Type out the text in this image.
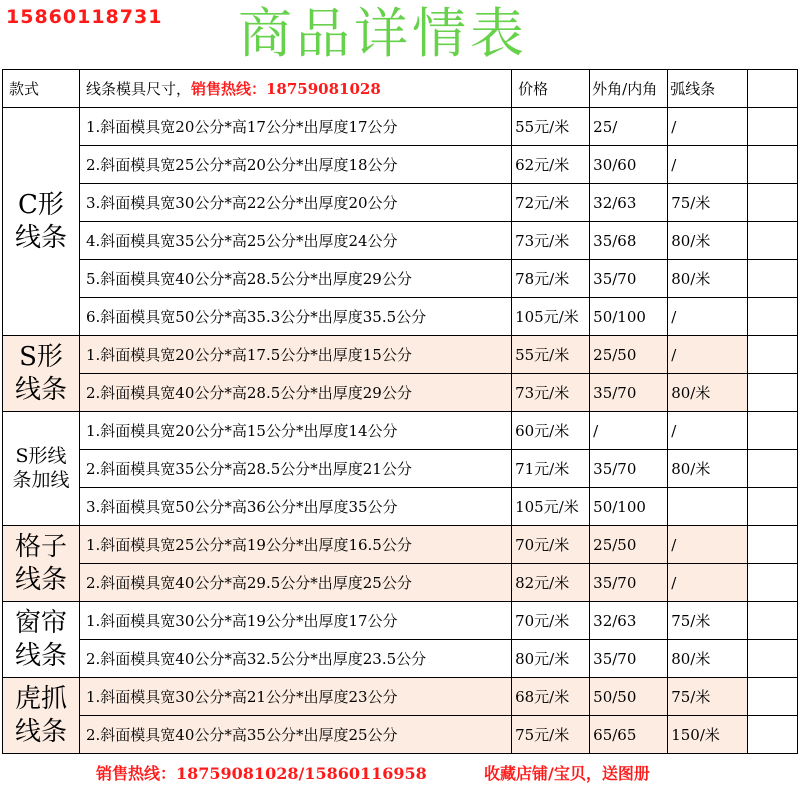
15860118731 商品详情表
款式	线条模具尺寸，销售热线：18759081028	价格	外角/内角	弧线条	
C形 线条	1.斜面模具宽20公分*高17公分*出厚度17公分	55元/米	25/	/	
	2.斜面模具宽25公分*高20公分*出厚度18公分	62元/米	30/60	/	
	3.斜面模具宽30公分*高22公分*出厚度20公分	72元/米	32/63	75/米	
	4.斜面模具宽35公分*高25公分*出厚度24公分	73元/米	35/68	80/米	
	5.斜面模具宽40公分*高28.5公分*出厚度29公分	78元/米	35/70	80/米	
	6.斜面模具宽50公分*高35.3公分*出厚度35.5公分	105元/米	50/100	/	
S形 线条	1.斜面模具宽20公分*高17.5公分*出厚度15公分	55元/米	25/50	/	
	2.斜面模具宽40公分*高28.5公分*出厚度29公分	73元/米	35/70	80/米	
S形线 条加线	1.斜面模具宽20公分*高15公分*出厚度14公分	60元/米	/	/	
	2.斜面模具宽35公分*高28.5公分*出厚度21公分	71元/米	35/70	80/米	
	3.斜面模具宽50公分*高36公分*出厚度35公分	105元/米	50/100		
格子 线条	1.斜面模具宽25公分*高19公分*出厚度16.5公分	70元/米	25/50	/	
	2.斜面模具宽40公分*高29.5公分*出厚度25公分	82元/米	35/70	/	
窗帘 线条	1.斜面模具宽30公分*高19公分*出厚度17公分	70元/米	32/63	75/米	
	2.斜面模具宽40公分*高32.5公分*出厚度23.5公分	80元/米	35/70	80/米	
虎抓 线条	1.斜面模具宽30公分*高21公分*出厚度23公分	68元/米	50/50	75/米	
	2.斜面模具宽40公分*高35公分*出厚度25公分	75元/米	65/65	150/米	
销售热线：18759081028/15860116958	收藏店铺/宝贝，送图册
